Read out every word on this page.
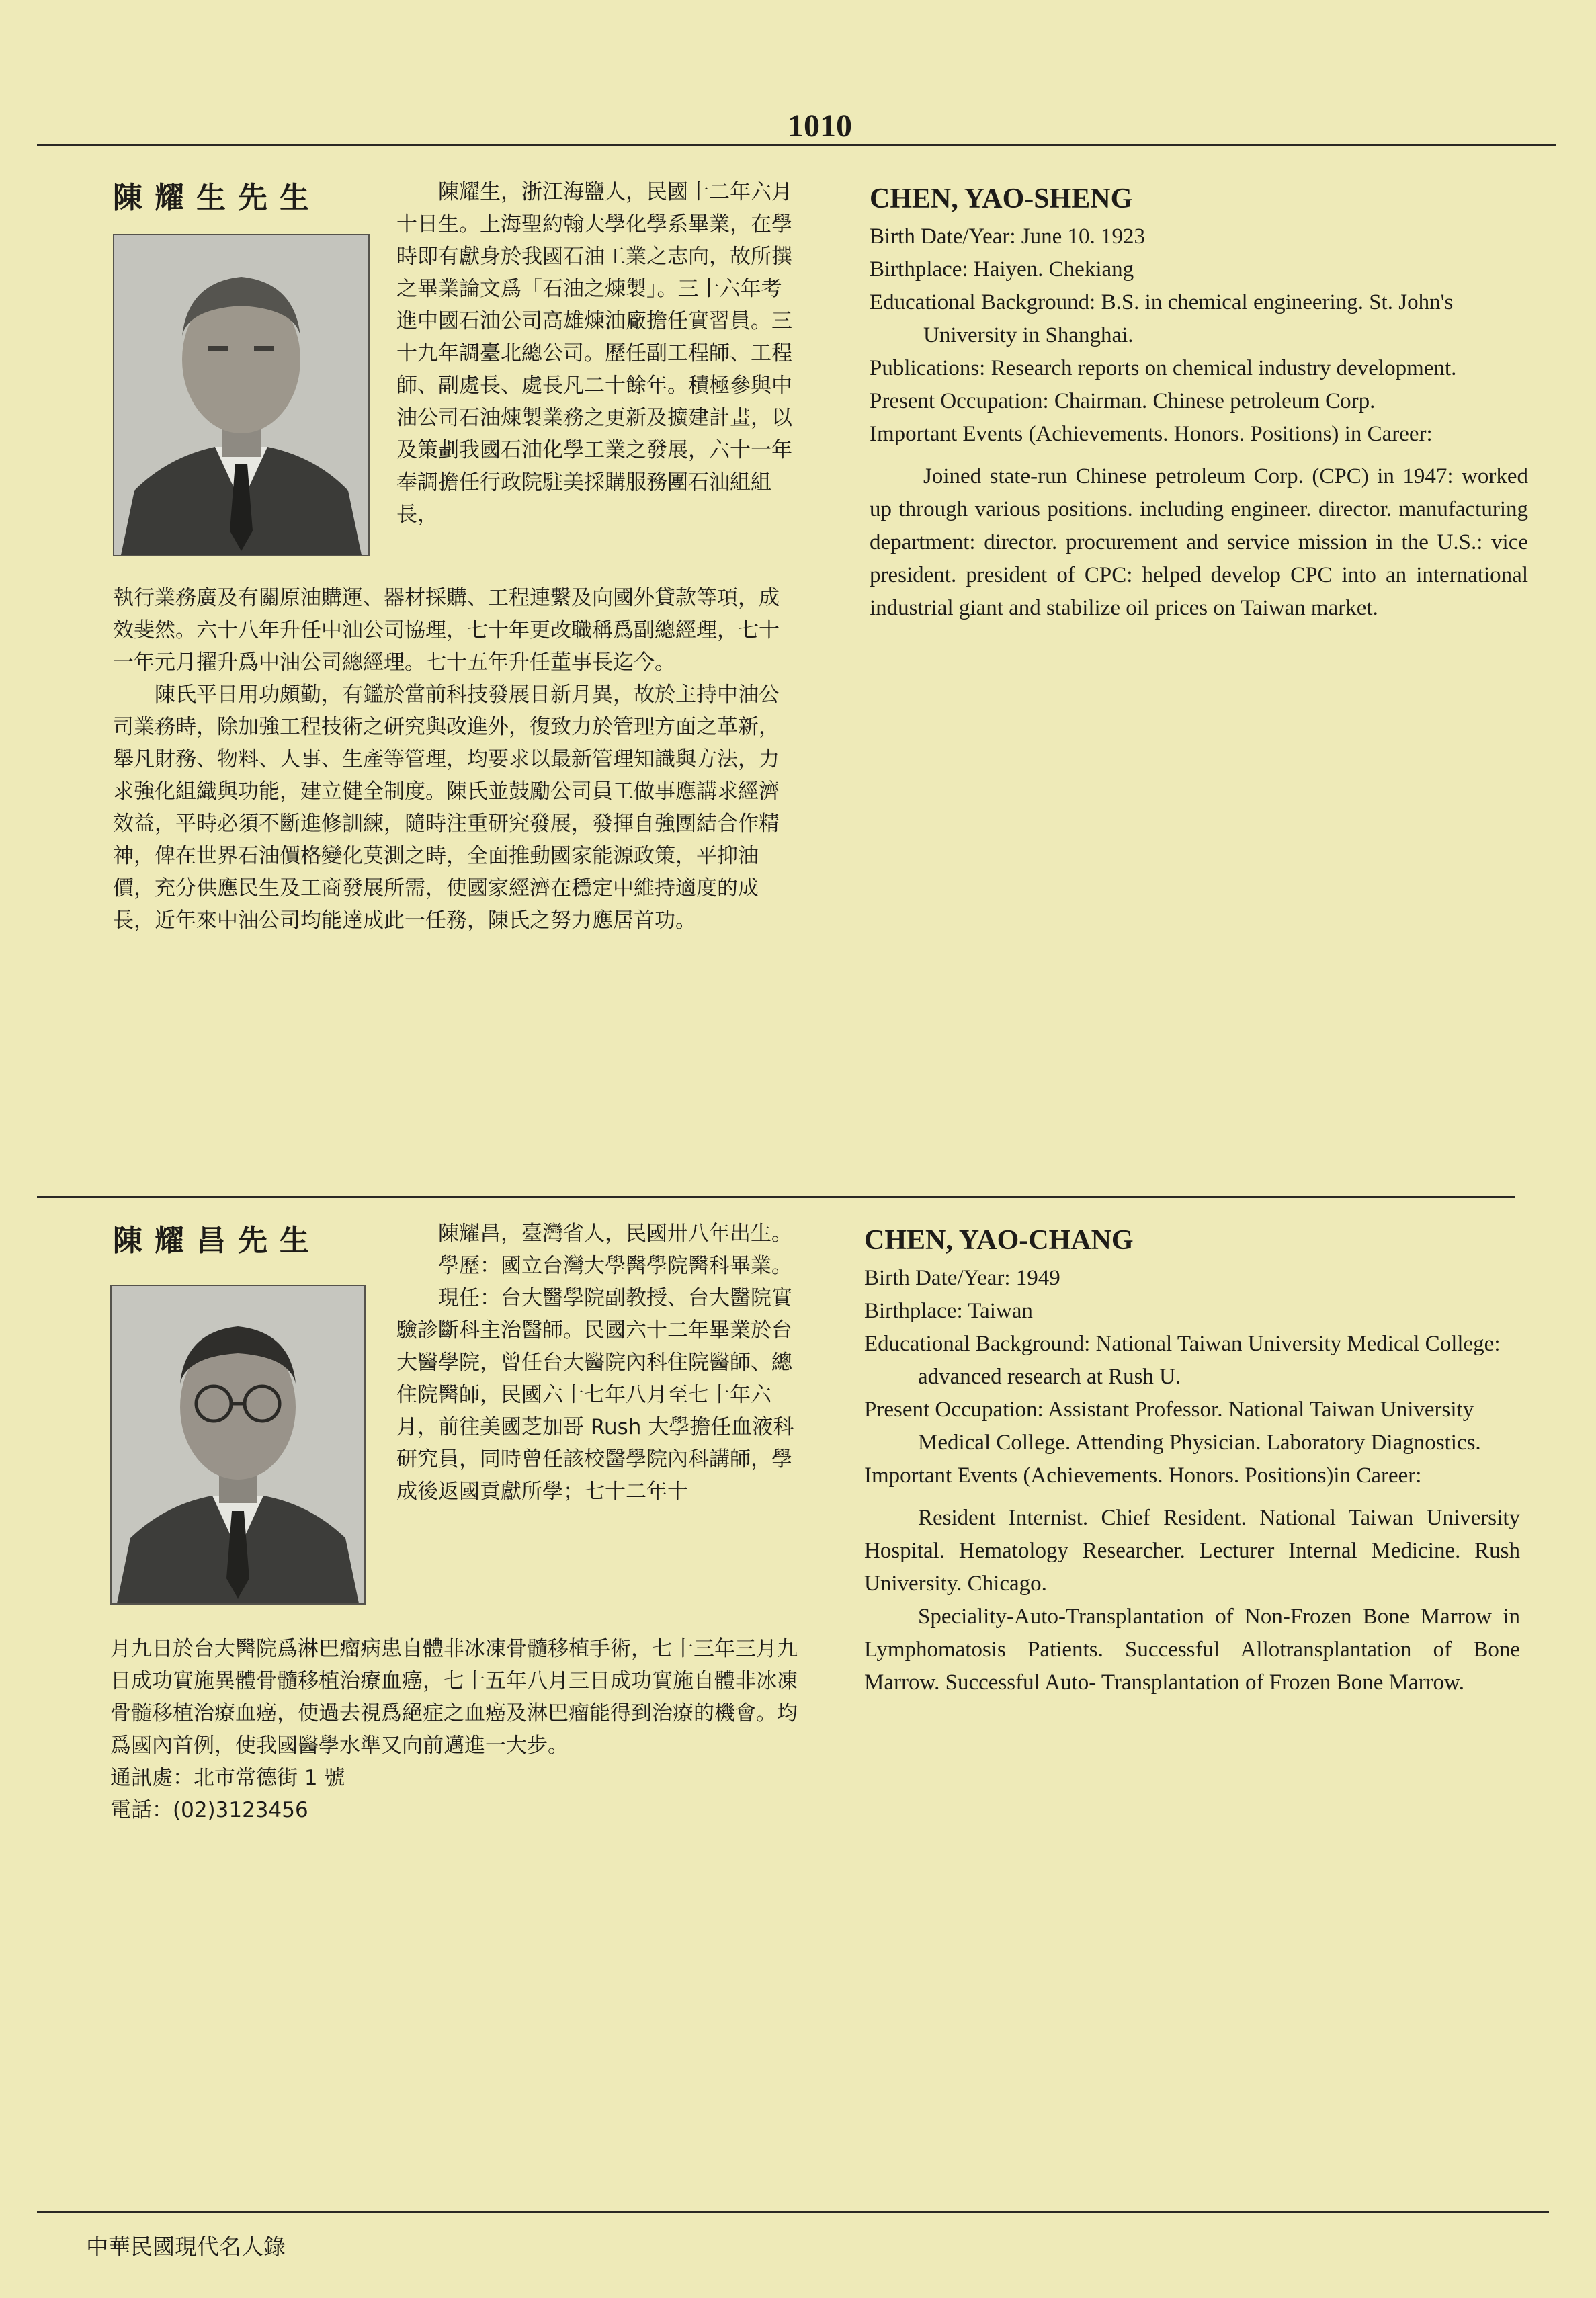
1010
陳耀生先生	陳耀生，浙江海鹽人，民國十二年六月十日生。上海聖約翰大學化學系畢業，在學時即有獻身於我國石油工業之志向，故所撰之畢業論文爲「石油之煉製」。三十六年考進中國石油公司高雄煉油廠擔任實習員。三十九年調臺北總公司。歷任副工程師、工程師、副處長、處長凡二十餘年。積極參與中油公司石油煉製業務之更新及擴建計畫，以及策劃我國石油化學工業之發展，六十一年奉調擔任行政院駐美採購服務團石油組組長，

執行業務廣及有關原油購運、器材採購、工程連繫及向國外貸款等項，成效斐然。六十八年升任中油公司協理，七十年更改職稱爲副總經理，七十一年元月擢升爲中油公司總經理。七十五年升任董事長迄今。

陳氏平日用功頗勤，有鑑於當前科技發展日新月異，故於主持中油公司業務時，除加強工程技術之研究與改進外，復致力於管理方面之革新，舉凡財務、物料、人事、生產等管理，均要求以最新管理知識與方法，力求強化組織與功能，建立健全制度。陳氏並鼓勵公司員工做事應講求經濟效益，平時必須不斷進修訓練，隨時注重研究發展，發揮自強團結合作精神，俾在世界石油價格變化莫測之時，全面推動國家能源政策，平抑油價，充分供應民生及工商發展所需，使國家經濟在穩定中維持適度的成長，近年來中油公司均能達成此一任務，陳氏之努力應居首功。

CHEN, YAO-SHENG

Birth Date/Year: June 10. 1923

Birthplace: Haiyen. Chekiang

Educational Background: B.S. in chemical engineering. St. John's University in Shanghai.

Publications: Research reports on chemical industry development.

Present Occupation: Chairman. Chinese petroleum Corp.

Important Events (Achievements. Honors. Positions) in Career:

Joined state-run Chinese petroleum Corp. (CPC) in 1947: worked up through various positions. including engineer. director. manufacturing department: director. procurement and service mission in the U.S.: vice president. president of CPC: helped develop CPC into an international industrial giant and stabilize oil prices on Taiwan market.

陳耀昌先生	陳耀昌，臺灣省人，民國卅八年出生。

學歷：國立台灣大學醫學院醫科畢業。

現任：台大醫學院副教授、台大醫院實驗診斷科主治醫師。民國六十二年畢業於台大醫學院，曾任台大醫院內科住院醫師、總住院醫師，民國六十七年八月至七十年六月，前往美國芝加哥 Rush 大學擔任血液科研究員，同時曾任該校醫學院內科講師，學成後返國貢獻所學；七十二年十

月九日於台大醫院爲淋巴瘤病患自體非冰凍骨髓移植手術，七十三年三月九日成功實施異體骨髓移植治療血癌，七十五年八月三日成功實施自體非冰凍骨髓移植治療血癌，使過去視爲絕症之血癌及淋巴瘤能得到治療的機會。均爲國內首例，使我國醫學水準又向前邁進一大步。

通訊處：北市常德街 1 號

電話：(02)3123456

CHEN, YAO-CHANG

Birth Date/Year: 1949

Birthplace: Taiwan

Educational Background: National Taiwan University Medical College: advanced research at Rush U.

Present Occupation: Assistant Professor. National Taiwan University Medical College. Attending Physician. Laboratory Diagnostics.

Important Events (Achievements. Honors. Positions)in Career:

Resident Internist. Chief Resident. National Taiwan University Hospital. Hematology Researcher. Lecturer Internal Medicine. Rush University. Chicago.

Speciality-Auto-Transplantation of Non-Frozen Bone Marrow in Lymphomatosis Patients. Successful Allotransplantation of Bone Marrow. Successful Auto- Transplantation of Frozen Bone Marrow.

中華民國現代名人錄
